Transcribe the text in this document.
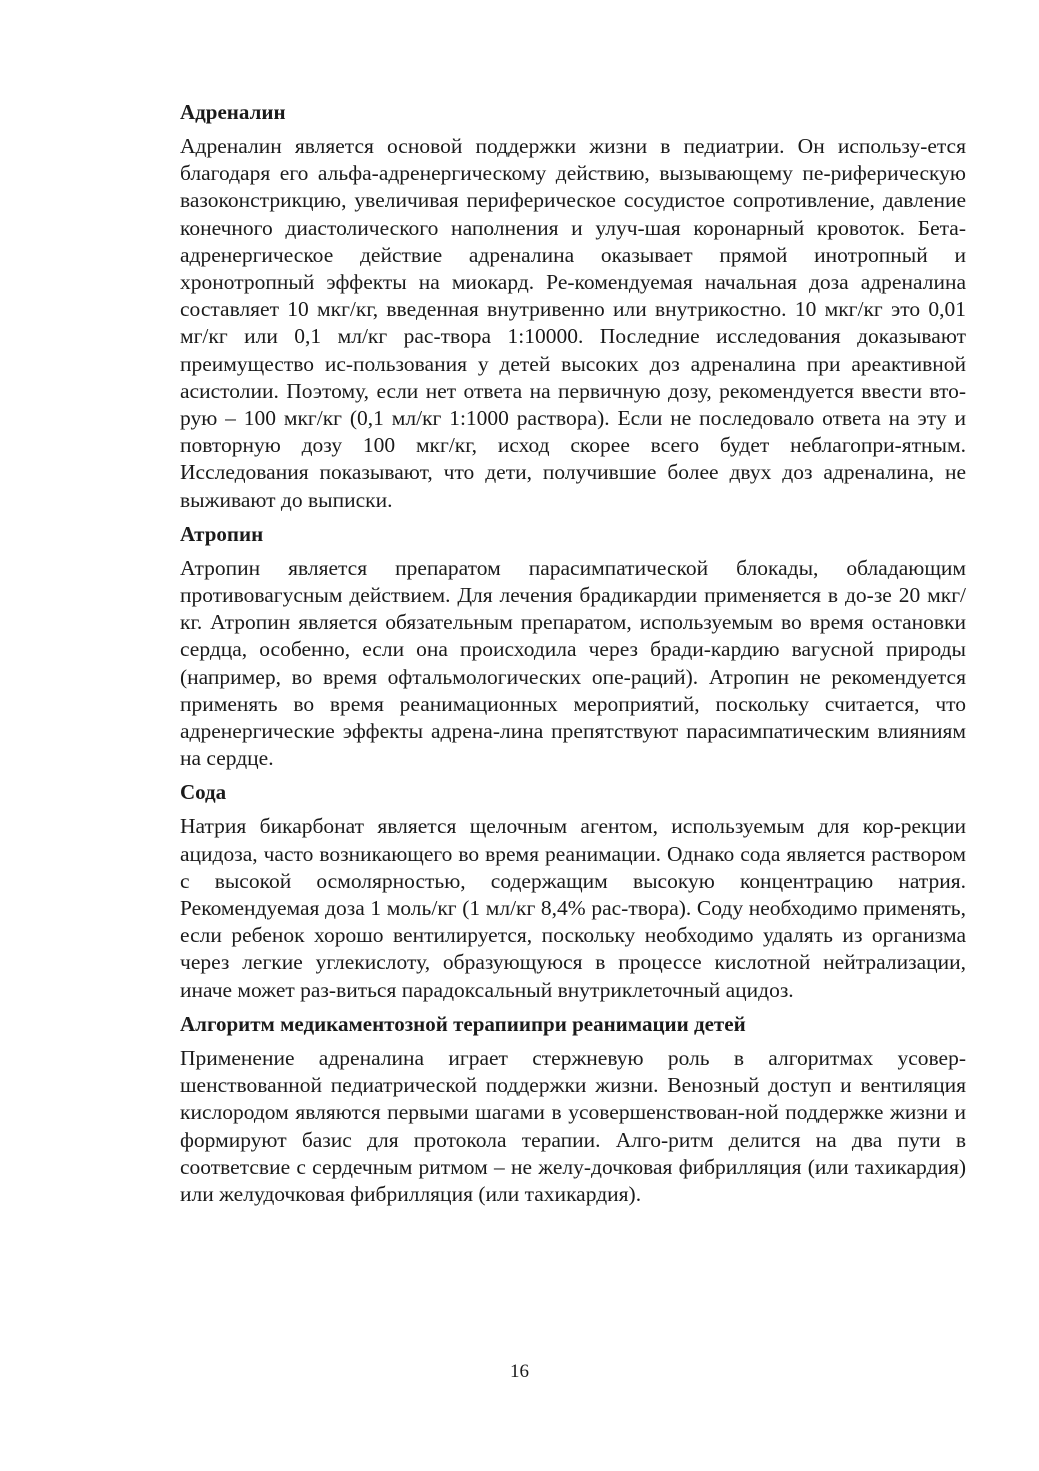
Адреналин
Адреналин является основой поддержки жизни в педиатрии. Он использу-ется благодаря его альфа-адренергическому действию, вызывающему пе-риферическую вазоконстрикцию, увеличивая периферическое сосудистое сопротивление, давление конечного диастолического наполнения и улуч-шая коронарный кровоток. Бета-адренергическое действие адреналина оказывает прямой инотропный и хронотропный эффекты на миокард. Ре-комендуемая начальная доза адреналина составляет 10 мкг/кг, введенная внутривенно или внутрикостно. 10 мкг/кг это 0,01 мг/кг или 0,1 мл/кг рас-твора 1:10000. Последние исследования доказывают преимущество ис-пользования у детей высоких доз адреналина при ареактивной асистолии. Поэтому, если нет ответа на первичную дозу, рекомендуется ввести вто-рую – 100 мкг/кг (0,1 мл/кг 1:1000 раствора). Если не последовало ответа на эту и повторную дозу 100 мкг/кг, исход скорее всего будет неблагопри-ятным. Исследования показывают, что дети, получившие более двух доз адреналина, не выживают до выписки.
Атропин
Атропин является препаратом парасимпатической блокады, обладающим противовагусным действием. Для лечения брадикардии применяется в до-зе 20 мкг/кг. Атропин является обязательным препаратом, используемым во время остановки сердца, особенно, если она происходила через бради-кардию вагусной природы (например, во время офтальмологических опе-раций). Атропин не рекомендуется применять во время реанимационных мероприятий, поскольку считается, что адренергические эффекты адрена-лина препятствуют парасимпатическим влияниям на сердце.
Сода
Натрия бикарбонат является щелочным агентом, используемым для кор-рекции ацидоза, часто возникающего во время реанимации. Однако сода является раствором с высокой осмолярностью, содержащим высокую концентрацию натрия. Рекомендуемая доза 1 моль/кг (1 мл/кг 8,4% рас-твора). Соду необходимо применять, если ребенок хорошо вентилируется, поскольку необходимо удалять из организма через легкие углекислоту, образующуюся в процессе кислотной нейтрализации, иначе может раз-виться парадоксальный внутриклеточный ацидоз.
Алгоритм медикаментозной терапиипри реанимации детей
Применение адреналина играет стержневую роль в алгоритмах усовер-шенствованной педиатрической поддержки жизни. Венозный доступ и вентиляция кислородом являются первыми шагами в усовершенствован-ной поддержке жизни и формируют базис для протокола терапии. Алго-ритм делится на два пути в соответсвие с сердечным ритмом – не желу-дочковая фибрилляция (или тахикардия) или желудочковая фибрилляция (или тахикардия).
16
